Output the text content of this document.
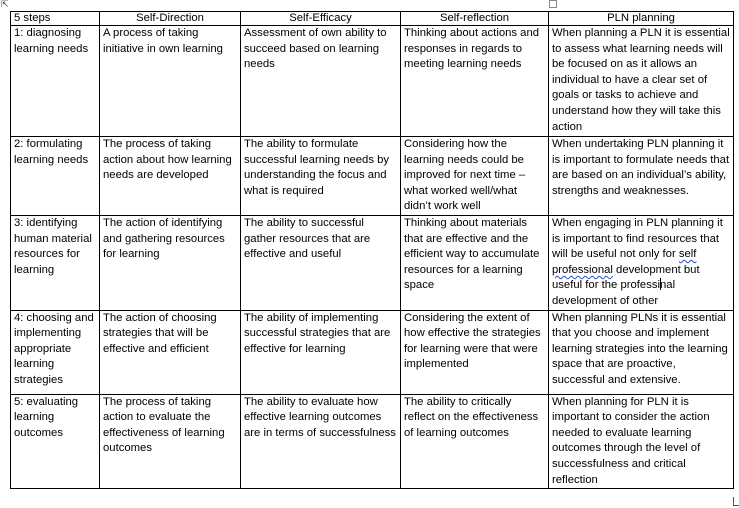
⇱
5 steps	Self-Direction	Self-Efficacy	Self-reflection	PLN planning
1: diagnosing learning needs	A process of taking initiative in own learning	Assessment of own ability to succeed based on learning needs	Thinking about actions and responses in regards to meeting learning needs	When planning a PLN it is essential to assess what learning needs will be focused on as it allows an individual to have a clear set of goals or tasks to achieve and understand how they will take this action
2: formulating learning needs	The process of taking action about how learning needs are developed	The ability to formulate successful learning needs by understanding the focus and what is required	Considering how the learning needs could be improved for next time – what worked well/what didn’t work well	When undertaking PLN planning it is important to formulate needs that are based on an individual’s ability, strengths and weaknesses.
3: identifying human material resources for learning	The action of identifying and gathering resources for learning	The ability to successful gather resources that are effective and useful	Thinking about materials that are effective and the efficient way to accumulate resources for a learning space	When engaging in PLN planning it is important to find resources that will be useful not only for self professional development but useful for the professinal development of other
4: choosing and implementing appropriate learning strategies	The action of choosing strategies that will be effective and efficient	The ability of implementing successful strategies that are effective for learning	Considering the extent of how effective the strategies for learning were that were implemented	When planning PLNs it is essential that you choose and implement learning strategies into the learning space that are proactive, successful and extensive.
5: evaluating learning outcomes	The process of taking action to evaluate the effectiveness of learning outcomes	The ability to evaluate how effective learning outcomes are in terms of successfulness	The ability to critically reflect on the effectiveness of learning outcomes	When planning for PLN it is important to consider the action needed to evaluate learning outcomes through the level of successfulness and critical reflection
